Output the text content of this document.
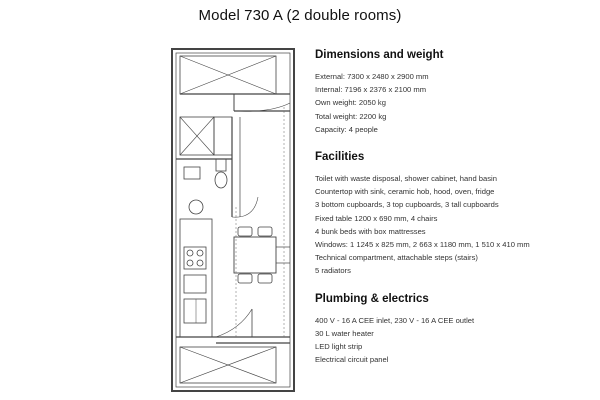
Model 730 A (2 double rooms)
Dimensions and weight
External: 7300 x 2480 x 2900 mm
Internal: 7196 x 2376 x 2100 mm
Own weight: 2050 kg
Total weight: 2200 kg
Capacity: 4 people
Facilities
Toilet with waste disposal, shower cabinet, hand basin
Countertop with sink, ceramic hob, hood, oven, fridge
3 bottom cupboards, 3 top cupboards, 3 tall cupboards
Fixed table 1200 x 690 mm, 4 chairs
4 bunk beds with box mattresses
Windows: 1 1245 x 825 mm, 2 663 x 1180 mm, 1 510 x 410 mm
Technical compartment, attachable steps (stairs)
5 radiators
Plumbing & electrics
400 V - 16 A CEE inlet, 230 V - 16 A CEE outlet
30 L water heater
LED light strip
Electrical circuit panel
